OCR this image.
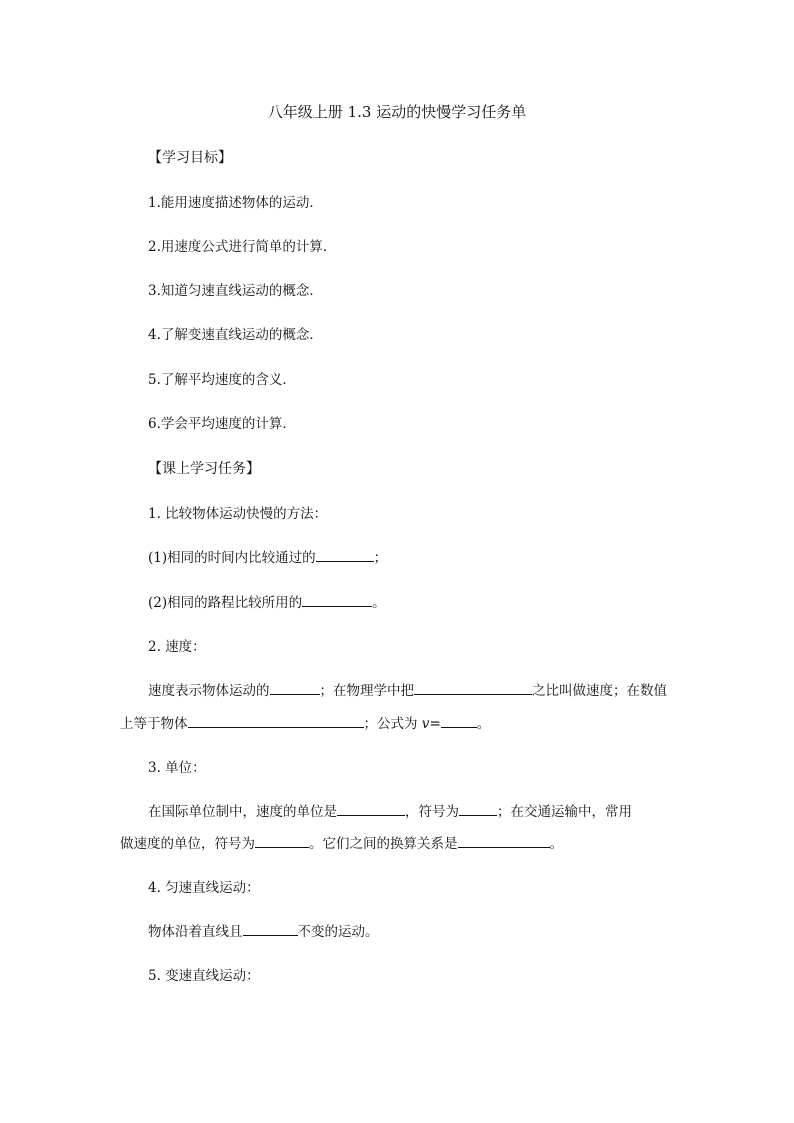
八年级上册 1.3 运动的快慢学习任务单
【学习目标】
1.能用速度描述物体的运动．
2.用速度公式进行简单的计算．
3.知道匀速直线运动的概念．
4.了解变速直线运动的概念．
5.了解平均速度的含义．
6.学会平均速度的计算．
【课上学习任务】
1. 比较物体运动快慢的方法：
(1)相同的时间内比较通过的	；
(2)相同的路程比较所用的	。
2. 速度：
速度表示物体运动的	；在物理学中把	之比叫做速度；在数值
上等于物体	；公式为 v=	。
3. 单位：
在国际单位制中，速度的单位是	，符号为	；在交通运输中，常用
做速度的单位，符号为	。它们之间的换算关系是	。
4. 匀速直线运动：
物体沿着直线且	不变的运动。
5. 变速直线运动：
